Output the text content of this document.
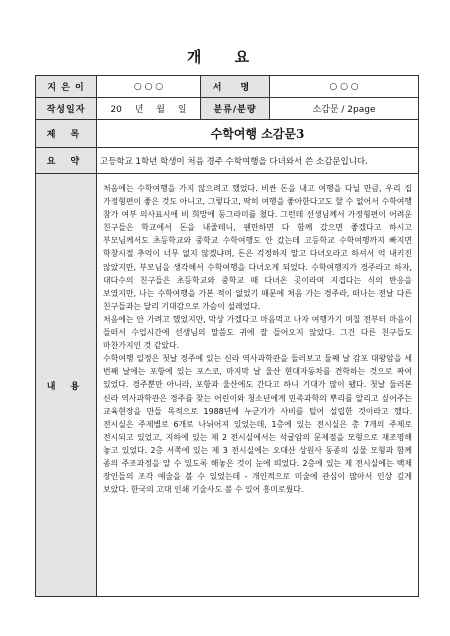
개 요
지 은 이	○ ○ ○	서 명	○ ○ ○
작성일자	20 년 월 일	분류/분량	소감문 / 2page
제 목	수학여행 소감문3		
요 약	고등학교 1학년 학생이 처음 경주 수학여행을 다녀와서 쓴 소감문입니다.		
내 용	처음에는 수학여행을 가지 않으려고 했었다. 비싼 돈을 내고 여행을 다닐 만큼, 우리 집 가정형편이 좋은 것도 아니고, 그렇다고, 딱히 여행을 좋아한다고도 할 수 없어서 수학여행 참가 여부 의사표시에 비 희망에 동그라미를 쳤다. 그런데 선생님께서 가정형편이 어려운 친구들은 학교에서 돈을 내줄테니, 웬만하면 다 함께 갔으면 좋겠다고 하시고 부모님께서도 초등학교와 중학교 수학여행도 안 갔는데 고등학교 수학여행까지 빠지면 학창시절 추억이 너무 없지 않겠냐며, 돈은 걱정하지 말고 다녀오라고 하셔서 억 내키진 않았지만, 부모님을 생각해서 수학여행을 다녀오게 되었다. 수학여행지가 경주라고 하자, 대다수의 친구들은 초등학교와 중학교 때 다녀온 곳이라며 지겹다는 식의 반응을 보였지만, 나는 수학여행을 가본 적이 없었기 때문에 처음 가는 경주라, 떠나는 전날 다른 친구들과는 달리 기대감으로 가슴이 설레었다.

처음에는 안 가려고 했었지만, 막상 가겠다고 마음먹고 나자 여행가기 며칠 전부터 마음이 들떠서 수업시간에 선생님의 말씀도 귀에 잘 들어오지 않았다. 그건 다른 친구들도 마찬가지인 것 같았다.

수학여행 일정은 첫날 경주에 있는 신라 역사과학관을 둘러보고 둘째 날 감포 대왕암을 세 번째 날에는 포항에 있는 포스코, 마지막 날 울산 현대자동차를 견학하는 것으로 짜여 있었다. 경주뿐만 아니라, 포항과 울산에도 간다고 하니 기대가 많이 됐다. 첫날 둘러본 신라 역사과학관은 경주를 찾는 어린이와 청소년에게 민족과학의 뿌리를 알리고 싶어주는 교육현장을 만들 목적으로 1988년에 누군가가 사비를 털어 설립한 것이라고 했다. 전시실은 주제별로 6개로 나뉘어져 있었는데, 1층에 있는 전시실은 총 7개의 주제로 전시되고 있었고, 지하에 있는 제 2 전시실에서는 석굴암의 문제점을 모형으로 재조명해 놓고 있었다. 2층 서쪽에 있는 제 3 전시실에는 오대산 상원사 동종의 실물 모형과 함께 종의 주조과정을 알 수 있도록 해놓은 것이 눈에 띄었다. 2층에 있는 제 전시실에는 백제 장인들의 조각 예술을 볼 수 있었는데 - 개인적으로 미술에 관심이 많아서 인상 깊게 보았다. 한국의 고대 인쇄 기술사도 볼 수 있어 흥미로웠다.		
